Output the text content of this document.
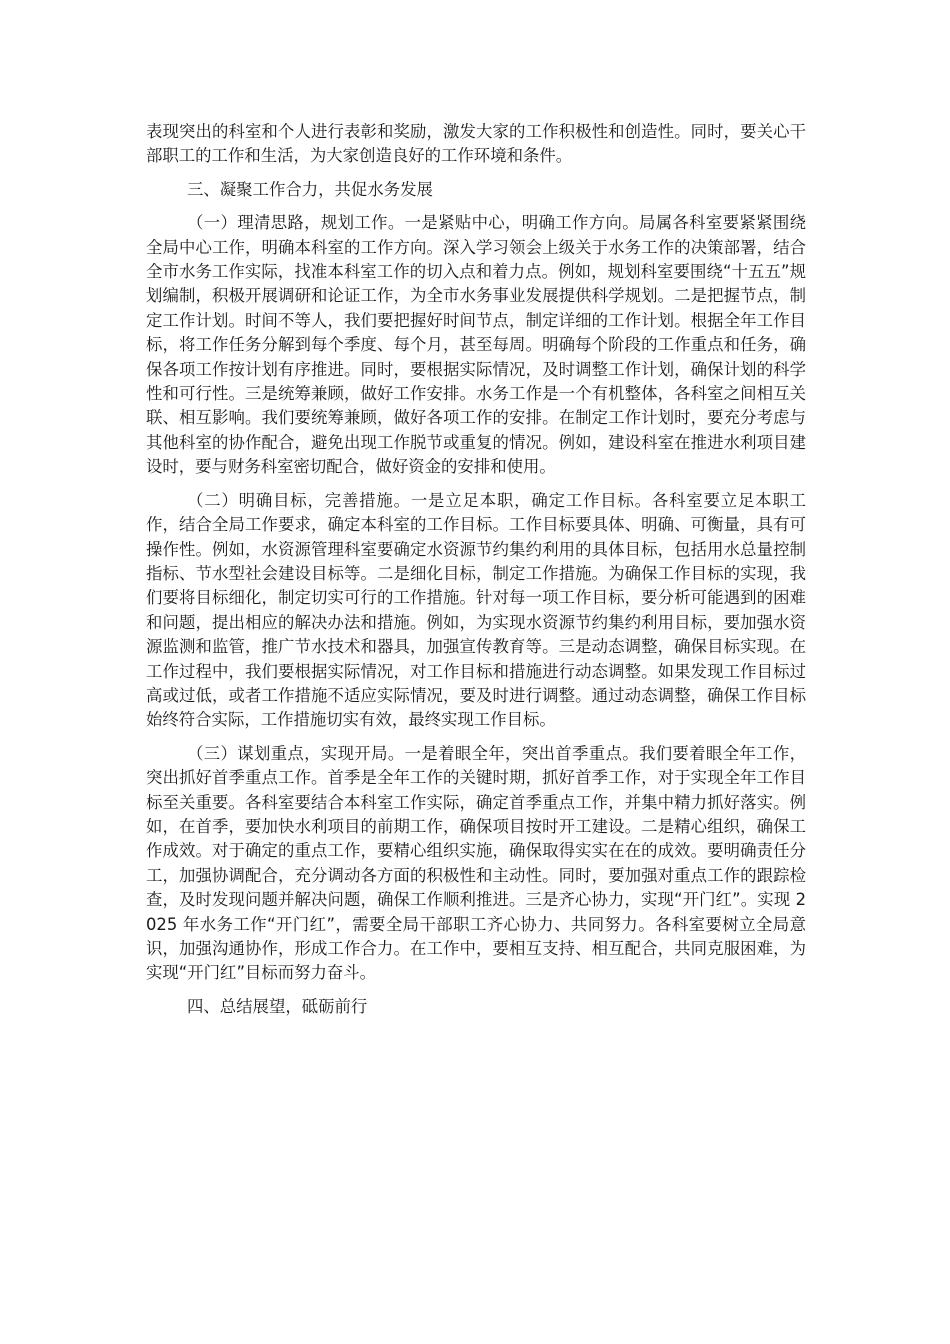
表现突出的科室和个人进行表彰和奖励，激发大家的工作积极性和创造性。同时，要关心干部职工的工作和生活，为大家创造良好的工作环境和条件。

三、凝聚工作合力，共促水务发展

（一）理清思路，规划工作。一是紧贴中心，明确工作方向。局属各科室要紧紧围绕全局中心工作，明确本科室的工作方向。深入学习领会上级关于水务工作的决策部署，结合全市水务工作实际，找准本科室工作的切入点和着力点。例如，规划科室要围绕“十五五”规划编制，积极开展调研和论证工作，为全市水务事业发展提供科学规划。二是把握节点，制定工作计划。时间不等人，我们要把握好时间节点，制定详细的工作计划。根据全年工作目标，将工作任务分解到每个季度、每个月，甚至每周。明确每个阶段的工作重点和任务，确保各项工作按计划有序推进。同时，要根据实际情况，及时调整工作计划，确保计划的科学性和可行性。三是统筹兼顾，做好工作安排。水务工作是一个有机整体，各科室之间相互关联、相互影响。我们要统筹兼顾，做好各项工作的安排。在制定工作计划时，要充分考虑与其他科室的协作配合，避免出现工作脱节或重复的情况。例如，建设科室在推进水利项目建设时，要与财务科室密切配合，做好资金的安排和使用。

（二）明确目标，完善措施。一是立足本职，确定工作目标。各科室要立足本职工作，结合全局工作要求，确定本科室的工作目标。工作目标要具体、明确、可衡量，具有可操作性。例如，水资源管理科室要确定水资源节约集约利用的具体目标，包括用水总量控制指标、节水型社会建设目标等。二是细化目标，制定工作措施。为确保工作目标的实现，我们要将目标细化，制定切实可行的工作措施。针对每一项工作目标，要分析可能遇到的困难和问题，提出相应的解决办法和措施。例如，为实现水资源节约集约利用目标，要加强水资源监测和监管，推广节水技术和器具，加强宣传教育等。三是动态调整，确保目标实现。在工作过程中，我们要根据实际情况，对工作目标和措施进行动态调整。如果发现工作目标过高或过低，或者工作措施不适应实际情况，要及时进行调整。通过动态调整，确保工作目标始终符合实际，工作措施切实有效，最终实现工作目标。

（三）谋划重点，实现开局。一是着眼全年，突出首季重点。我们要着眼全年工作，突出抓好首季重点工作。首季是全年工作的关键时期，抓好首季工作，对于实现全年工作目标至关重要。各科室要结合本科室工作实际，确定首季重点工作，并集中精力抓好落实。例如，在首季，要加快水利项目的前期工作，确保项目按时开工建设。二是精心组织，确保工作成效。对于确定的重点工作，要精心组织实施，确保取得实实在在的成效。要明确责任分工，加强协调配合，充分调动各方面的积极性和主动性。同时，要加强对重点工作的跟踪检查，及时发现问题并解决问题，确保工作顺利推进。三是齐心协力，实现“开门红”。实现 2025 年水务工作“开门红”，需要全局干部职工齐心协力、共同努力。各科室要树立全局意识，加强沟通协作，形成工作合力。在工作中，要相互支持、相互配合，共同克服困难，为实现“开门红”目标而努力奋斗。

四、总结展望，砥砺前行
